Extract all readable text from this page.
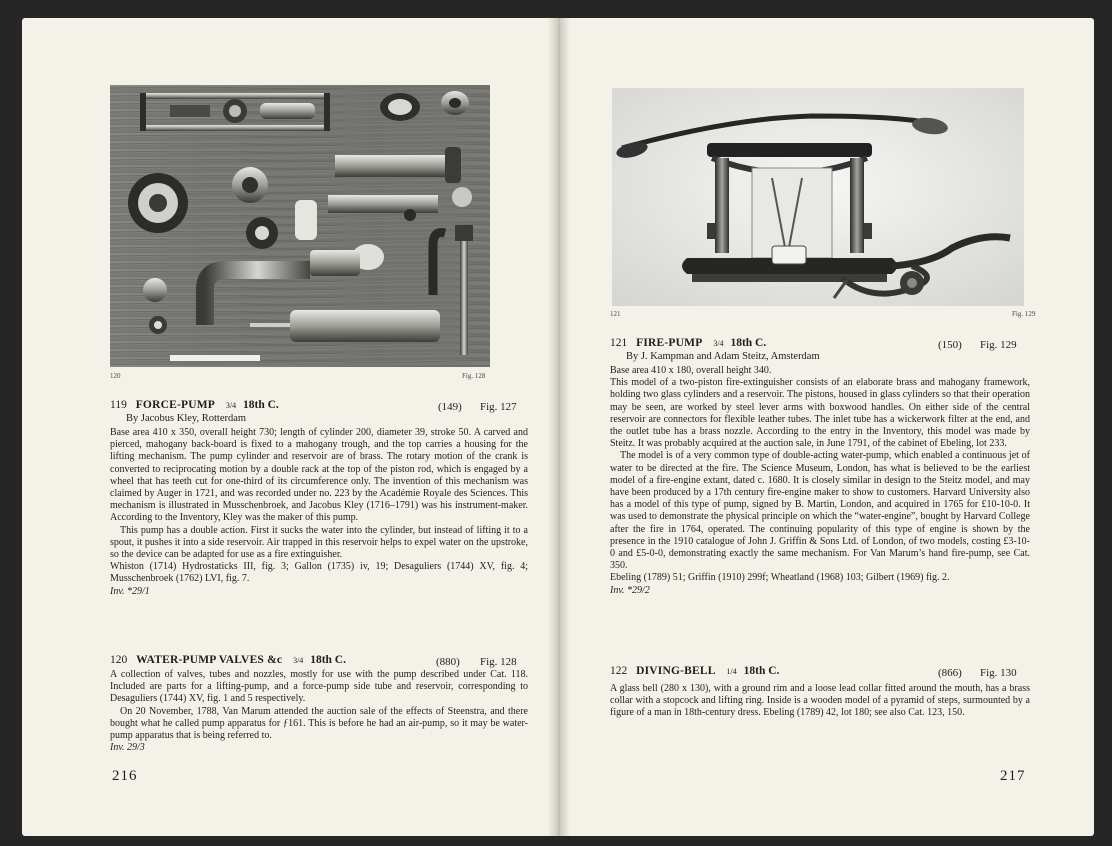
120	Fig. 128
119 FORCE-PUMP 3/4 18th C.	(149) Fig. 127
By Jacobus Kley, Rotterdam

Base area 410 x 350, overall height 730; length of cylinder 200, diameter 39, stroke 50. A carved and pierced, mahogany back-board is fixed to a mahogany trough, and the top carries a housing for the lifting mechanism. The pump cylinder and reservoir are of brass. The rotary motion of the crank is converted to reciprocating motion by a double rack at the top of the piston rod, which is engaged by a wheel that has teeth cut for one-third of its circumference only. The invention of this mechanism was claimed by Auger in 1721, and was recorded under no. 223 by the Académie Royale des Sciences. This mechanism is illustrated in Musschenbroek, and Jacobus Kley (1716–1791) was his instrument-maker. According to the Inventory, Kley was the maker of this pump.

This pump has a double action. First it sucks the water into the cylinder, but instead of lifting it to a spout, it pushes it into a side reservoir. Air trapped in this reservoir helps to expel water on the upstroke, so the device can be adapted for use as a fire extinguisher.

Whiston (1714) Hydrostaticks III, fig. 3; Gallon (1735) iv, 19; Desaguliers (1744) XV, fig. 4; Musschenbroek (1762) LVI, fig. 7.

Inv. *29/1

120 WATER-PUMP VALVES &c 3/4 18th C.	(880) Fig. 128

A collection of valves, tubes and nozzles, mostly for use with the pump described under Cat. 118. Included are parts for a lifting-pump, and a force-pump side tube and reservoir, corresponding to Desaguliers (1744) XV, fig. 1 and 5 respectively.

On 20 November, 1788, Van Marum attended the auction sale of the effects of Steenstra, and there bought what he called pump apparatus for ƒ161. This is before he had an air-pump, so it may be water-pump apparatus that is being referred to.

Inv. 29/3

216
121	Fig. 129
121 FIRE-PUMP 3/4 18th C.	(150) Fig. 129
By J. Kampman and Adam Steitz, Amsterdam

Base area 410 x 180, overall height 340.

This model of a two-piston fire-extinguisher consists of an elaborate brass and mahogany framework, holding two glass cylinders and a reservoir. The pistons, housed in glass cylinders so that their operation may be seen, are worked by steel lever arms with boxwood handles. On either side of the central reservoir are connectors for flexible leather tubes. The inlet tube has a wickerwork filter at the end, and the outlet tube has a brass nozzle. According to the entry in the Inventory, this model was made by Steitz. It was probably acquired at the auction sale, in June 1791, of the cabinet of Ebeling, lot 233.

The model is of a very common type of double-acting water-pump, which enabled a continuous jet of water to be directed at the fire. The Science Museum, London, has what is believed to be the earliest model of a fire-engine extant, dated c. 1680. It is closely similar in design to the Steitz model, and may have been produced by a 17th century fire-engine maker to show to customers. Harvard University also has a model of this type of pump, signed by B. Martin, London, and acquired in 1765 for £10-10-0. It was used to demonstrate the physical principle on which the “water-engine”, bought by Harvard College after the fire in 1764, operated. The continuing popularity of this type of engine is shown by the presence in the 1910 catalogue of John J. Griffin & Sons Ltd. of London, of two models, costing £3-10-0 and £5-0-0, demonstrating exactly the same mechanism. For Van Marum’s hand fire-pump, see Cat. 350.

Ebeling (1789) 51; Griffin (1910) 299f; Wheatland (1968) 103; Gilbert (1969) fig. 2.

Inv. *29/2

122 DIVING-BELL 1/4 18th C.	(866) Fig. 130

A glass bell (280 x 130), with a ground rim and a loose lead collar fitted around the mouth, has a brass collar with a stopcock and lifting ring. Inside is a wooden model of a pyramid of steps, surmounted by a figure of a man in 18th-century dress. Ebeling (1789) 42, lot 180; see also Cat. 123, 150.

217
